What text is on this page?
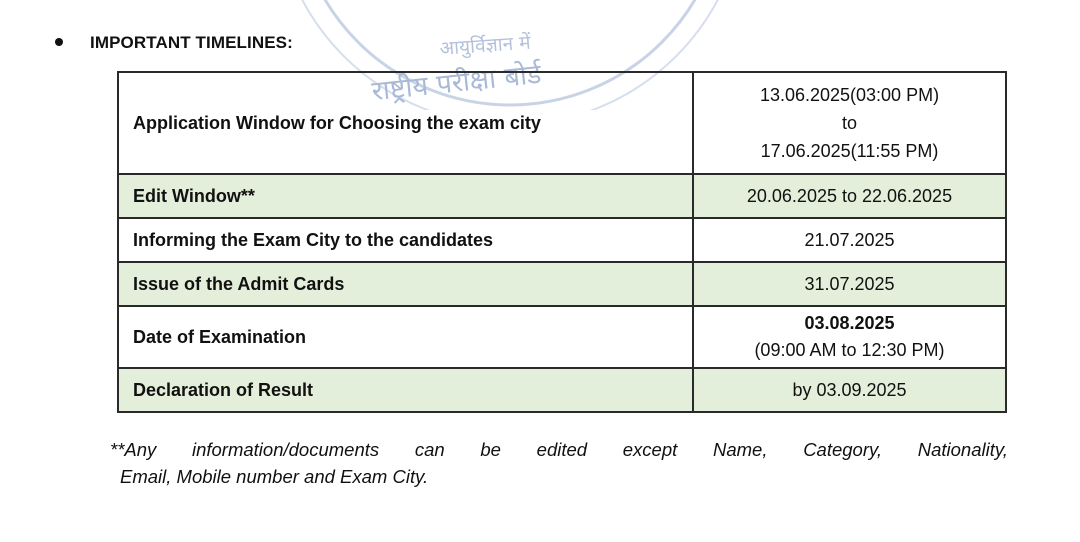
आयुर्विज्ञान में
राष्ट्रीय परीक्षा बोर्ड
IMPORTANT TIMELINES:
Application Window for Choosing the exam city	13.06.2025(03:00 PM)
to
17.06.2025(11:55 PM)

Edit Window**	20.06.2025 to 22.06.2025
Informing the Exam City to the candidates	21.07.2025
Issue of the Admit Cards	31.07.2025
Date of Examination	03.08.2025
(09:00 AM to 12:30 PM)

Declaration of Result	by 03.09.2025
**Any information/documents can be edited except Name, Category, Nationality,
Email, Mobile number and Exam City.
